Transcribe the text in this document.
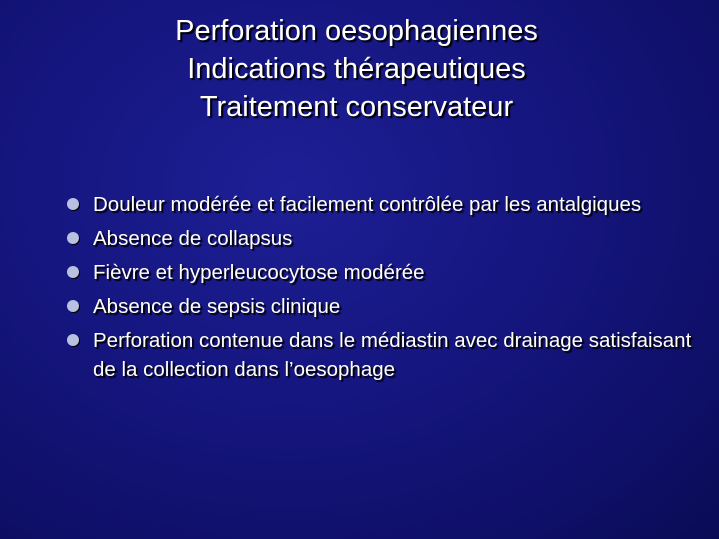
Perforation oesophagiennes
Indications thérapeutiques
Traitement conservateur
Douleur modérée et facilement contrôlée par les antalgiques
Absence de collapsus
Fièvre et hyperleucocytose modérée
Absence de sepsis clinique
Perforation contenue dans le médiastin avec drainage satisfaisant de la collection dans l’oesophage
